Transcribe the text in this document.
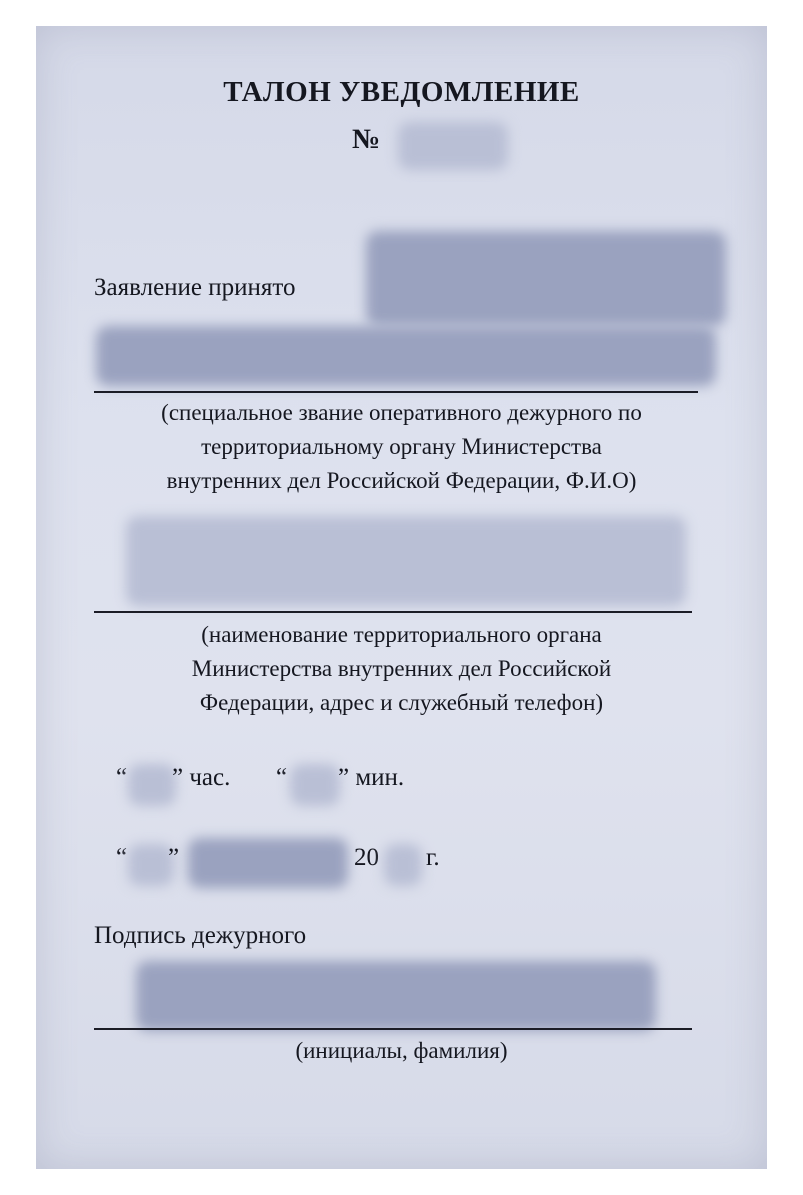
ТАЛОН УВЕДОМЛЕНИЕ
№
Заявление принято
(специальное звание оперативного дежурного по
территориальному органу Министерства
внутренних дел Российской Федерации, Ф.И.О)
(наименование территориального органа
Министерства внутренних дел Российской
Федерации, адрес и служебный телефон)
“ ” час. “ ” мин.
“ ”	20 г.
Подпись дежурного
(инициалы, фамилия)
